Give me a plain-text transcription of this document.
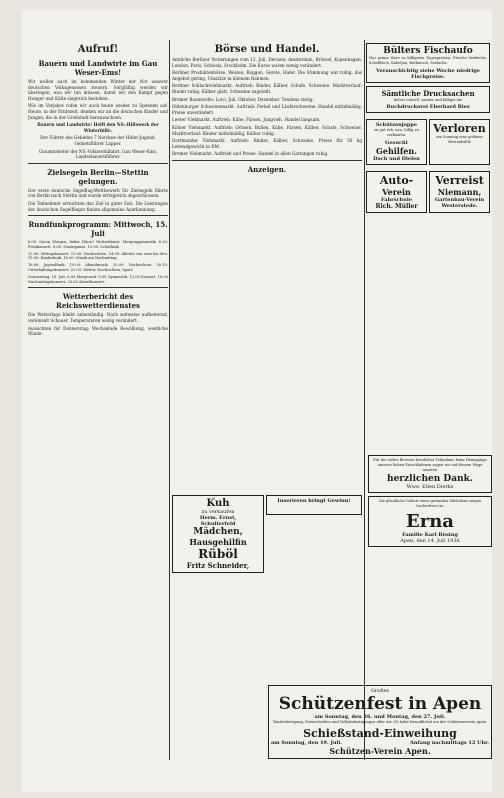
Aufruf!
Bauern und Landwirte im Gau Weser-Ems!

Wir wollen auch im kommenden Winter der Not unserer deutschen Volksgenossen steuern. Sorgfältig werden wir überlegen, was wir tun müssen, damit wir den Kampf gegen Hunger und Kälte siegreich bestehen.

Wie im Vorjahre rufen wir auch heute wieder zu Spenden auf. Heute, in der Erntezeit, denken wir an die deutschen Kinder und Jungen, die in der Großstadt heranwachsen.

Bauern und Landwirte! Helft den NS.-Hilfswerk der Winterhilfe.

Der Führer des Gebietes 7 Nordsee der Hitler-Jugend, Gebietsführer Lapper.

Gauamtsleiter der NS.-Volkswohlfahrt, Gau Weser-Ems, Landesbauernführer.

Zielsegeln Berlin—Stettin gelungen.

Der erste deutsche Segelflug-Wettbewerb für Zielsegeln führte von Berlin nach Stettin und wurde erfolgreich abgeschlossen.

Die Teilnehmer erreichten das Ziel in guter Zeit. Die Leistungen der deutschen Segelflieger finden allgemeine Anerkennung.

Rundfunkprogramm: Mittwoch, 15. Juli

6.00: Guten Morgen, lieber Hörer! Wetterdienst. Morgengymnastik. 6.30: Frühkonzert. 8.00: Sendepause. 10.00: Schulfunk.

12.00: Mittagskonzert. 13.00: Nachrichten. 14.00: Allerlei von zwei bis drei. 15.00: Kinderfunk. 16.00: Musik am Nachmittag.

18.00: Jugendfunk. 19.00: Abendmusik. 20.00: Nachrichten. 20.10: Unterhaltungskonzert. 22.00: Wetter, Nachrichten, Sport.

Donnerstag, 16. Juli: 6.00 Morgenruf. 8.00 Gymnastik. 12.00 Konzert. 16.00 Nachmittagskonzert. 20.00 Abendkonzert.

Wetterbericht des Reichswetterdienstes

Die Wetterlage bleibt unbeständig. Nach zeitweise aufheiternd, vereinzelt Schauer. Temperaturen wenig verändert.

Aussichten für Donnerstag: Wechselnde Bewölkung, westliche Winde.

Börse und Handel.

Amtliche Berliner Notierungen vom 13. Juli. Devisen: Amsterdam, Brüssel, Kopenhagen, London, Paris, Schweiz, Stockholm. Die Kurse waren wenig verändert.

Berliner Produktenbörse. Weizen, Roggen, Gerste, Hafer. Die Stimmung war ruhig, das Angebot gering, Umsätze in kleinem Rahmen.

Berliner Schlachtviehmarkt. Auftrieb: Rinder, Kälber, Schafe, Schweine. Marktverlauf: Rinder ruhig, Kälber glatt, Schweine zugeteilt.

Bremer Baumwolle: Loco, Juli, Oktober, Dezember. Tendenz stetig.

Oldenburger Schweinemarkt. Auftrieb: Ferkel und Läuferschweine. Handel mittelmäßig, Preise unverändert.

Leerer Viehmarkt. Auftrieb: Kühe, Färsen, Jungvieh. Handel langsam.

Kölner Viehmarkt. Auftrieb: Ochsen, Bullen, Kühe, Färsen, Kälber, Schafe, Schweine. Marktverlauf: Rinder mittelmäßig, Kälber ruhig.

Dortmunder Viehmarkt. Auftrieb: Rinder, Kälber, Schweine. Preise für 50 kg Lebendgewicht in RM.

Bremer Viehmarkt. Auftrieb und Preise. Handel in allen Gattungen ruhig.

Anzeigen.
Bülters Fischaufo

Nur prima Ware zu billigsten Tagespreisen. Frische Seefische, Schellfisch, Kabeljau, Rotbarsch, Seelachs.

Voranschichtig siehe Woche niedrige Fischpreise.
Sämtliche Drucksachen

liefert schnell, sauber und billigst die

Buchdruckerei Eberhard Ries
Schützenjoppe

zu gut erh. neu, billig zu verkaufen.

Gesucht
Gehilfen.
Dach und Dielen
Verloren

am Sonntag eine goldene Herrenbrille

Auto-
Verein
Fahrschule
Rich. Müller
Verreist
Niemann,
Gartenbau-Verein Westerstede.

Für die vielen Beweise herzlicher Teilnahme beim Heimgange unseres lieben Entschlafenen sagen wir auf diesem Wege unseren

herzlichen Dank.
Wwe. Ellen Dierks

Die glückliche Geburt eines gesunden Mädchens zeigen hocherfreut an

Erna
Familie Karl Bösing
Apen, den 14. Juli 1936
Kuh
zu verkaufen
Herm. Ernst,
Schulterfeld
Mädchen,
Hausgehilfin
Rüböl
Fritz Schneider,
Inserieren bringt Gewinn!
Großes
Schützenfest in Apen
am Sonntag, den 26. und Montag, den 27. Juli.

Tanzbelustigung, Preisschießen und Volksbelustigungen aller Art. Es ladet freundlichst ein der Schützenverein Apen.

Schießstand-Einweihung
am Sonntag, den 19. Juli.	Anfang nachmittags 12 Uhr.
Schützen-Verein Apen.
